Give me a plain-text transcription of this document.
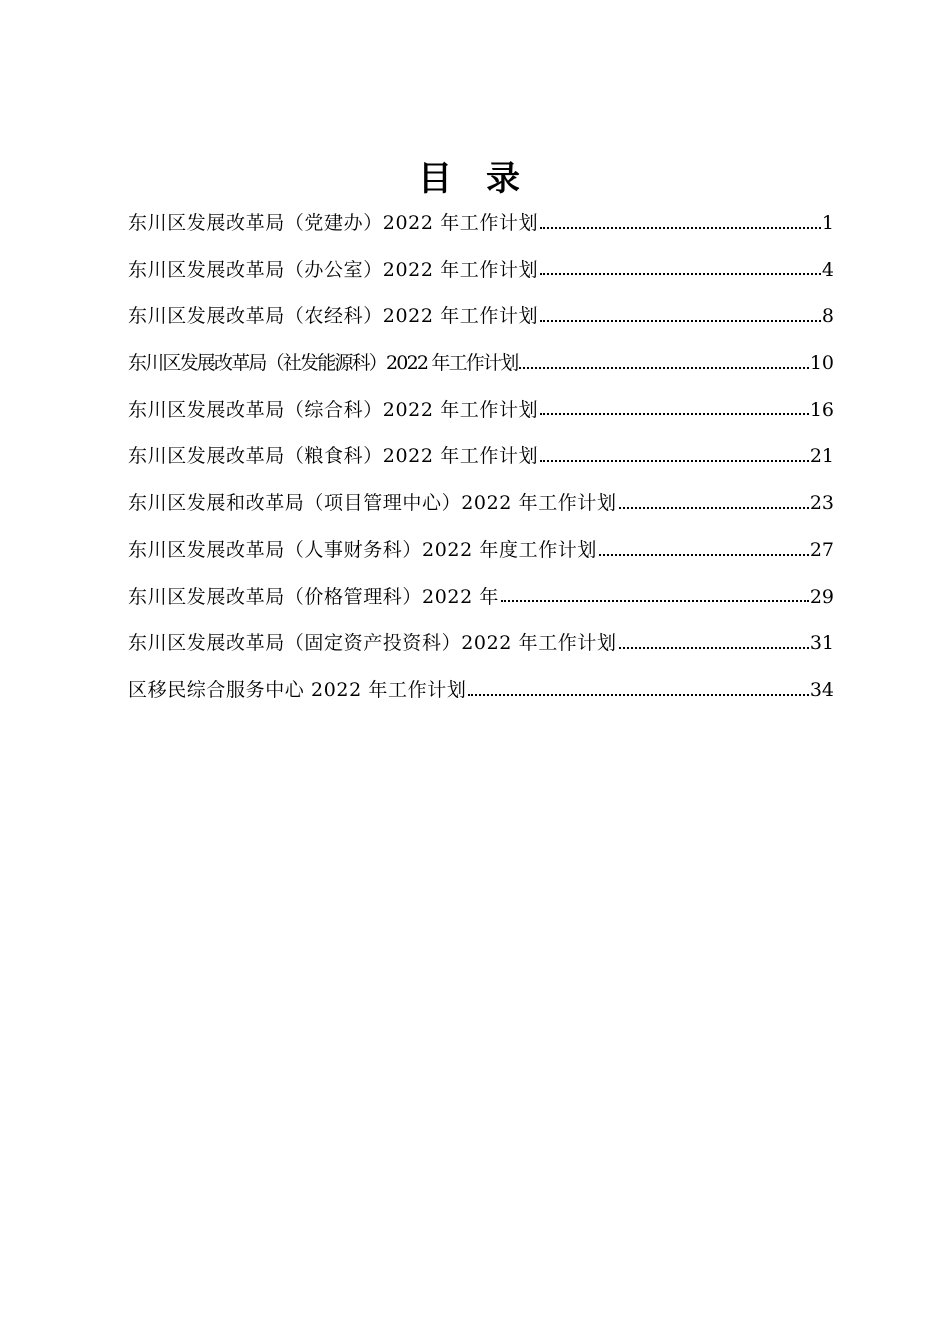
目录
东川区发展改革局（党建办）2022 年工作计划	1
东川区发展改革局（办公室）2022 年工作计划	4
东川区发展改革局（农经科）2022 年工作计划	8
东川区发展改革局（社发能源科）2022 年工作计划	10
东川区发展改革局（综合科）2022 年工作计划	16
东川区发展改革局（粮食科）2022 年工作计划	21
东川区发展和改革局（项目管理中心）2022 年工作计划	23
东川区发展改革局（人事财务科）2022 年度工作计划	27
东川区发展改革局（价格管理科）2022 年	29
东川区发展改革局（固定资产投资科）2022 年工作计划	31
区移民综合服务中心 2022 年工作计划	34
